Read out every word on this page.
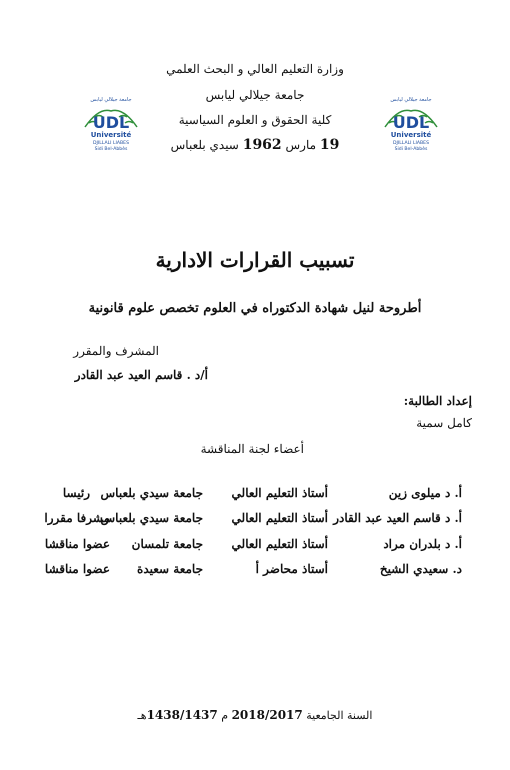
وزارة التعليم العالي و البحث العلمي
جامعة جيلالي ليابس
كلية الحقوق و العلوم السياسية
19 مارس 1962 سيدي بلعباس
جامعة جيلالي ليابس
UDL
Université
DJILLALI LIABES
Sidi Bel-Abbès
جامعة جيلالي ليابس
UDL
Université
DJILLALI LIABES
Sidi Bel-Abbès
تسبيب القرارات الادارية
أطروحة لنيل شهادة الدكتوراه في العلوم تخصص علوم قانونية
المشرف والمقرر
أ/د . قاسم العيد عبد القادر
إعداد الطالبة:
كامل سمية
أعضاء لجنة المناقشة
أ. د ميلوى زين
أستاذ التعليم العالي
جامعة سيدي بلعباس
رئيسا
أ. د قاسم العيد عبد القادر
أستاذ التعليم العالي
جامعة سيدي بلعباس
مشرفا مقررا
أ. د بلدران مراد
أستاذ التعليم العالي
جامعة تلمسان
عضوا مناقشا
د. سعيدي الشيخ
أستاذ محاضر أ
جامعة سعيدة
عضوا مناقشا
السنة الجامعية 2018/2017 م 1438/1437هـ
